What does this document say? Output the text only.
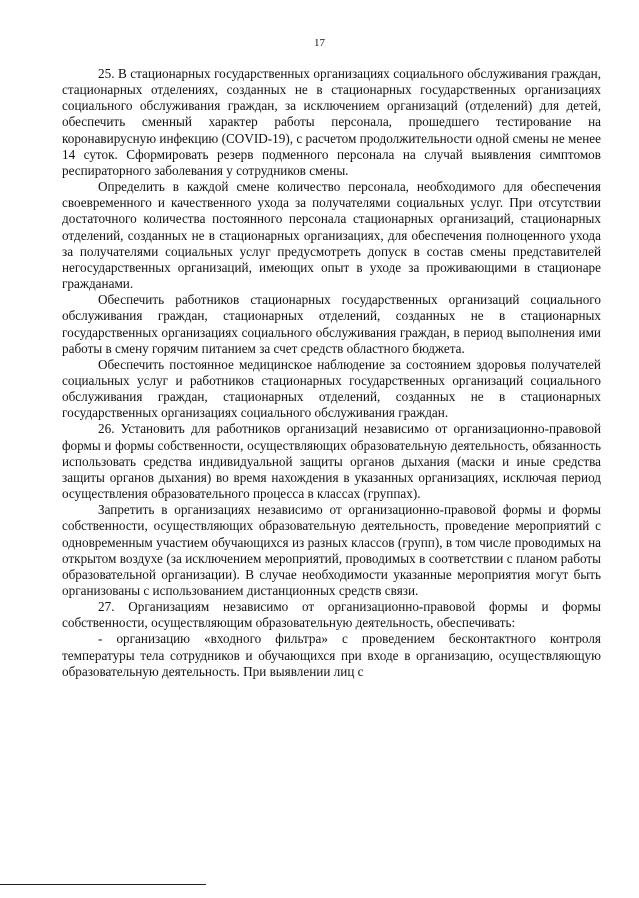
17

25. В стационарных государственных организациях социального обслуживания граждан, стационарных отделениях, созданных не в стационарных государственных организациях социального обслуживания граждан, за исключением организаций (отделений) для детей, обеспечить сменный характер работы персонала, прошедшего тестирование на коронавирусную инфекцию (COVID-19), с расчетом продолжительности одной смены не менее 14 суток. Сформировать резерв подменного персонала на случай выявления симптомов респираторного заболевания у сотрудников смены.

Определить в каждой смене количество персонала, необходимого для обеспечения своевременного и качественного ухода за получателями социальных услуг. При отсутствии достаточного количества постоянного персонала стационарных организаций, стационарных отделений, созданных не в стационарных организациях, для обеспечения полноценного ухода за получателями социальных услуг предусмотреть допуск в состав смены представителей негосударственных организаций, имеющих опыт в уходе за проживающими в стационаре гражданами.

Обеспечить работников стационарных государственных организаций социального обслуживания граждан, стационарных отделений, созданных не в стационарных государственных организациях социального обслуживания граждан, в период выполнения ими работы в смену горячим питанием за счет средств областного бюджета.

Обеспечить постоянное медицинское наблюдение за состоянием здоровья получателей социальных услуг и работников стационарных государственных организаций социального обслуживания граждан, стационарных отделений, созданных не в стационарных государственных организациях социального обслуживания граждан.

26. Установить для работников организаций независимо от организационно-правовой формы и формы собственности, осуществляющих образовательную деятельность, обязанность использовать средства индивидуальной защиты органов дыхания (маски и иные средства защиты органов дыхания) во время нахождения в указанных организациях, исключая период осуществления образовательного процесса в классах (группах).

Запретить в организациях независимо от организационно-правовой формы и формы собственности, осуществляющих образовательную деятельность, проведение мероприятий с одновременным участием обучающихся из разных классов (групп), в том числе проводимых на открытом воздухе (за исключением мероприятий, проводимых в соответствии с планом работы образовательной организации). В случае необходимости указанные мероприятия могут быть организованы с использованием дистанционных средств связи.

27. Организациям независимо от организационно-правовой формы и формы собственности, осуществляющим образовательную деятельность, обеспечивать:

- организацию «входного фильтра» с проведением бесконтактного контроля температуры тела сотрудников и обучающихся при входе в организацию, осуществляющую образовательную деятельность. При выявлении лиц с
